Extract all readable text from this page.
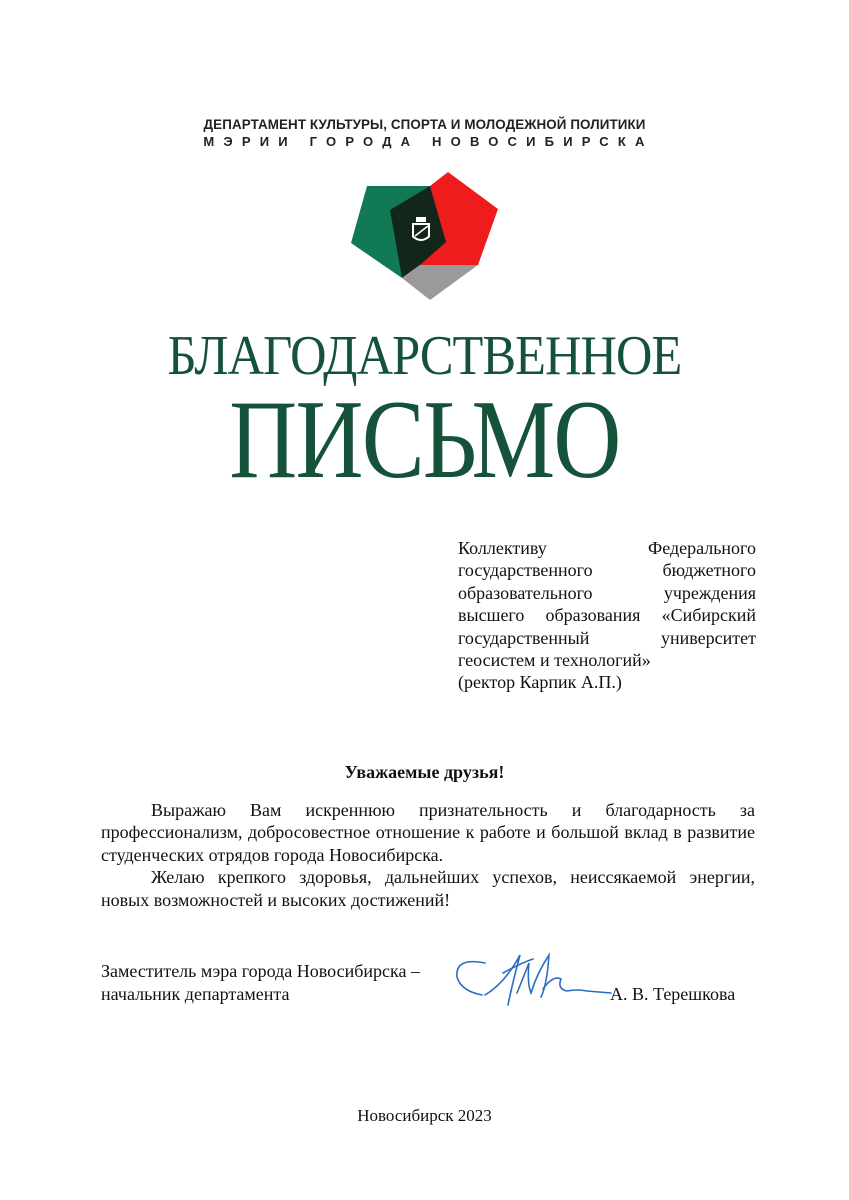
ДЕПАРТАМЕНТ КУЛЬТУРЫ, СПОРТА И МОЛОДЕЖНОЙ ПОЛИТИКИ
МЭРИИ ГОРОДА НОВОСИБИРСКА
БЛАГОДАРСТВЕННОЕ
ПИСЬМО
Коллективу Федерального
государственного бюджетного
образовательного учреждения
высшего образования «Сибирский
государственный университет
геосистем и технологий»
(ректор Карпик А.П.)
Уважаемые друзья!

Выражаю Вам искреннюю признательность и благодарность за профессионализм, добросовестное отношение к работе и большой вклад в развитие студенческих отрядов города Новосибирска.

Желаю крепкого здоровья, дальнейших успехов, неиссякаемой энергии, новых возможностей и высоких достижений!

Заместитель мэра города Новосибирска –
начальник департамента	А. В. Терешкова
Новосибирск 2023
